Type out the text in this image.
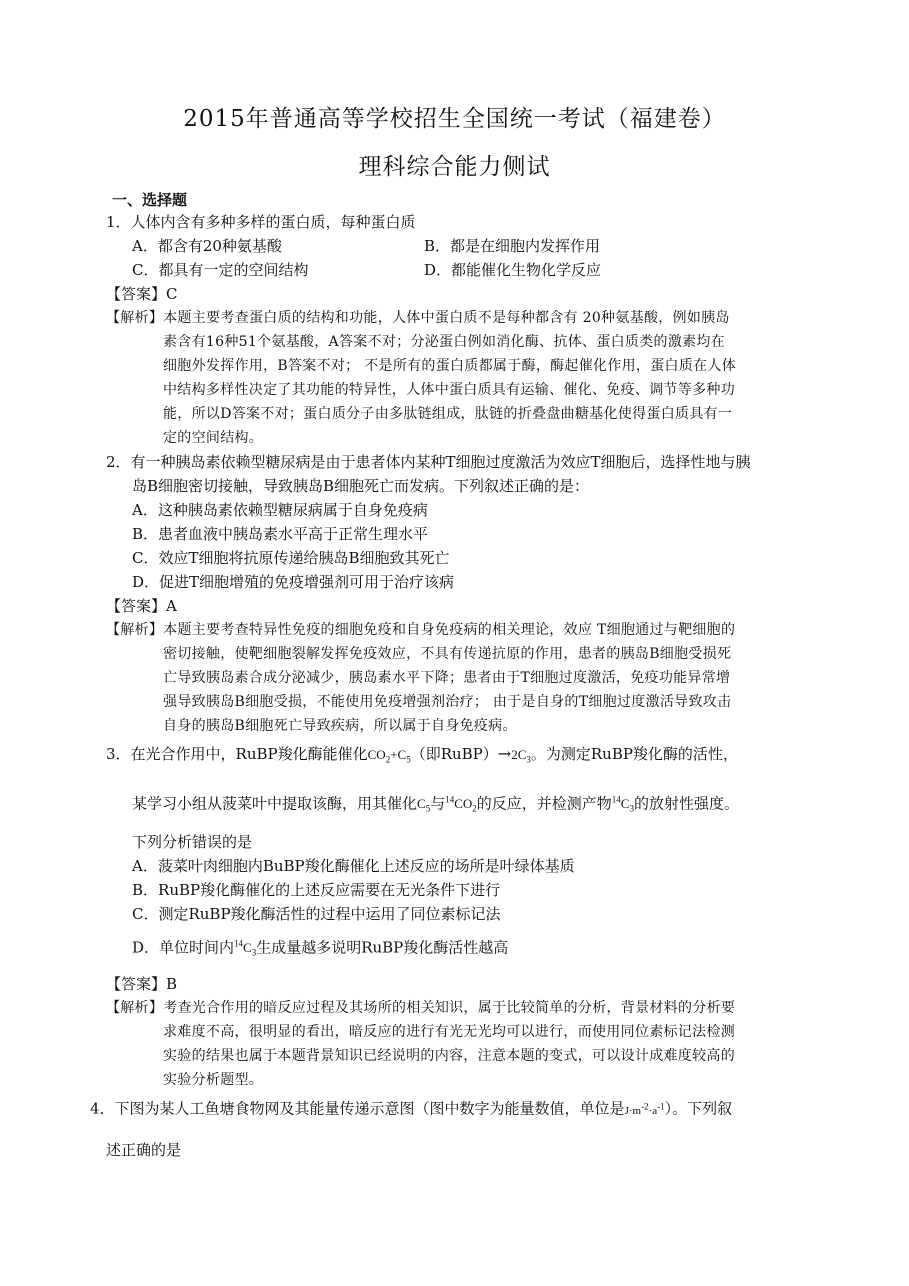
2015年普通高等学校招生全国统一考试（福建卷）
理科综合能力侧试
一、选择题
1．人体内含有多种多样的蛋白质，每种蛋白质
A．都含有20种氨基酸	B．都是在细胞内发挥作用
C．都具有一定的空间结构	D．都能催化生物化学反应
【答案】C
【解析】本题主要考查蛋白质的结构和功能，人体中蛋白质不是每种都含有 20种氨基酸，例如胰岛
素含有16种51个氨基酸，A答案不对；分泌蛋白例如消化酶、抗体、蛋白质类的激素均在
细胞外发挥作用，B答案不对； 不是所有的蛋白质都属于酶，酶起催化作用，蛋白质在人体
中结构多样性决定了其功能的特异性，人体中蛋白质具有运输、催化、免疫、调节等多种功
能，所以D答案不对；蛋白质分子由多肽链组成，肽链的折叠盘曲糖基化使得蛋白质具有一
定的空间结构。
2．有一种胰岛素依赖型糖尿病是由于患者体内某种T细胞过度激活为效应T细胞后，选择性地与胰
岛B细胞密切接触，导致胰岛B细胞死亡而发病。下列叙述正确的是：
A．这种胰岛素依赖型糖尿病属于自身免疫病
B．患者血液中胰岛素水平高于正常生理水平
C．效应T细胞将抗原传递给胰岛B细胞致其死亡
D．促进T细胞增殖的免疫增强剂可用于治疗该病
【答案】A
【解析】本题主要考查特异性免疫的细胞免疫和自身免疫病的相关理论，效应 T细胞通过与靶细胞的
密切接触，使靶细胞裂解发挥免疫效应，不具有传递抗原的作用，患者的胰岛B细胞受损死
亡导致胰岛素合成分泌减少，胰岛素水平下降；患者由于T细胞过度激活，免疫功能异常增
强导致胰岛B细胞受损，不能使用免疫增强剂治疗； 由于是自身的T细胞过度激活导致攻击
自身的胰岛B细胞死亡导致疾病，所以属于自身免疫病。
3．在光合作用中，RuBP羧化酶能催化$CO_2+C_5$（即$RuBP)\to 2C_3$。为测定RuBP羧化酶的活性，
某学习小组从菠菜叶中提取该酶，用其催化$C_5$与$^{14}CO_2$的反应，并检测产物$^{14}C_3$的放射性强度。
下列分析错误的是
A．菠菜叶肉细胞内BuBP羧化酶催化上述反应的场所是叶绿体基质
B．RuBP羧化酶催化的上述反应需要在无光条件下进行
C．测定RuBP羧化酶活性的过程中运用了同位素标记法
D．单位时间内$^{14}C_3$生成量越多说明RuBP羧化酶活性越高
【答案】B
【解析】考查光合作用的暗反应过程及其场所的相关知识，属于比较简单的分析，背景材料的分析要
求难度不高，很明显的看出，暗反应的进行有光无光均可以进行，而使用同位素标记法检测
实验的结果也属于本题背景知识已经说明的内容，注意本题的变式，可以设计成难度较高的
实验分析题型。
4．下图为某人工鱼塘食物网及其能量传递示意图（图中数字为能量数值，单位是$J\cdot m^{-2}\cdot a^{-1}$）。下列叙
述正确的是
